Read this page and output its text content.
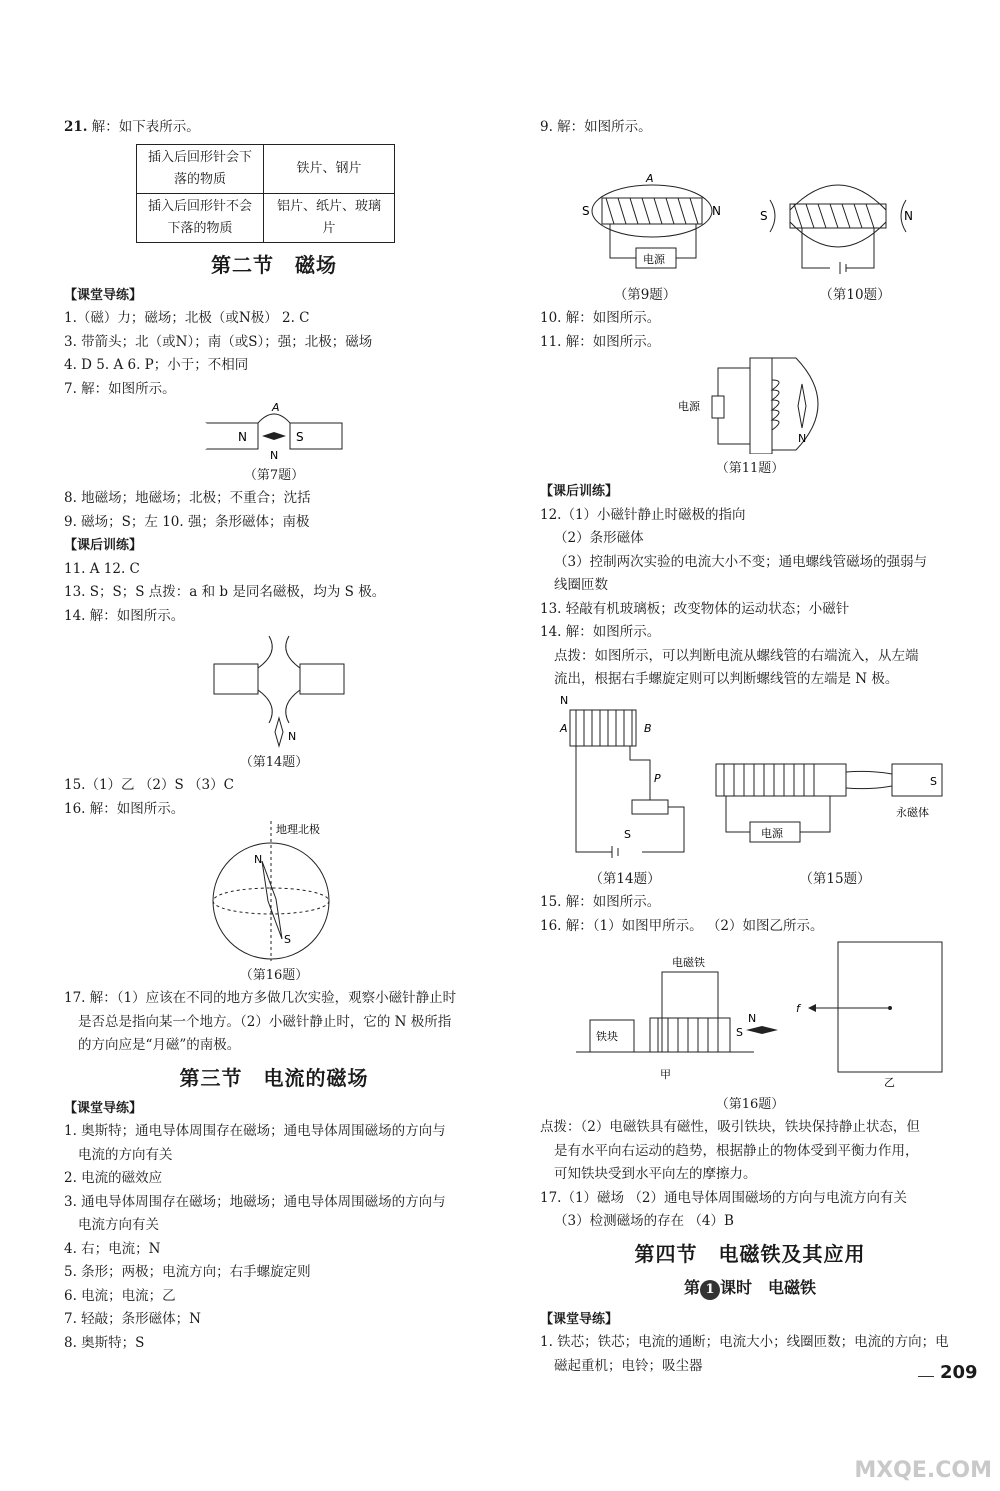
21. 解：如下表所示。
插入后回形针会下落的物质	铁片、钢片
插入后回形针不会下落的物质	铝片、纸片、玻璃片
第二节　磁场
【课堂导练】
1.（磁）力；磁场；北极（或N极） 2. C
3. 带箭头；北（或N）；南（或S）；强；北极；磁场
4. D 5. A 6. P；小于；不相同
7. 解：如图所示。
N	S
A
N
（第7题）
8. 地磁场；地磁场；北极；不重合；沈括
9. 磁场；S；左 10. 强；条形磁体；南极
【课后训练】
11. A 12. C
13. S；S；S 点拨：a 和 b 是同名磁极，均为 S 极。
14. 解：如图所示。
N
（第14题）
15.（1）乙 （2）S （3）C
16. 解：如图所示。
地理北极
N
S
（第16题）
17. 解：（1）应该在不同的地方多做几次实验，观察小磁针静止时
是否总是指向某一个地方。（2）小磁针静止时，它的 N 极所指
的方向应是“月磁”的南极。
第三节　电流的磁场
【课堂导练】
1. 奥斯特；通电导体周围存在磁场；通电导体周围磁场的方向与
电流的方向有关
2. 电流的磁效应
3. 通电导体周围存在磁场；地磁场；通电导体周围磁场的方向与
电流方向有关
4. 右；电流；N
5. 条形；两极；电流方向；右手螺旋定则
6. 电流；电流；乙
7. 轻敲；条形磁体；N
8. 奥斯特；S
9. 解：如图所示。
S	N
A
电源
S	N
（第9题）	（第10题）
10. 解：如图所示。
11. 解：如图所示。
电源
N
（第11题）
【课后训练】
12.（1）小磁针静止时磁极的指向
（2）条形磁体
（3）控制两次实验的电流大小不变；通电螺线管磁场的强弱与
线圈匝数
13. 轻敲有机玻璃板；改变物体的运动状态；小磁针
14. 解：如图所示。
点拨：如图所示，可以判断电流从螺线管的右端流入，从左端
流出，根据右手螺旋定则可以判断螺线管的左端是 N 极。
N
A	B
P
S
S
永磁体
电源
（第14题）	（第15题）
15. 解：如图所示。
16. 解：（1）如图甲所示。 （2）如图乙所示。
电磁铁
铁块	S
N
甲
f
乙
（第16题）
点拨：（2）电磁铁具有磁性，吸引铁块，铁块保持静止状态，但
是有水平向右运动的趋势，根据静止的物体受到平衡力作用，
可知铁块受到水平向左的摩擦力。
17.（1）磁场 （2）通电导体周围磁场的方向与电流方向有关
（3）检测磁场的存在 （4）B
第四节　电磁铁及其应用
第 1 课时　电磁铁
【课堂导练】
1. 铁芯；铁芯；电流的通断；电流大小；线圈匝数；电流的方向；电
磁起重机；电铃；吸尘器	209
MXQE.COM
